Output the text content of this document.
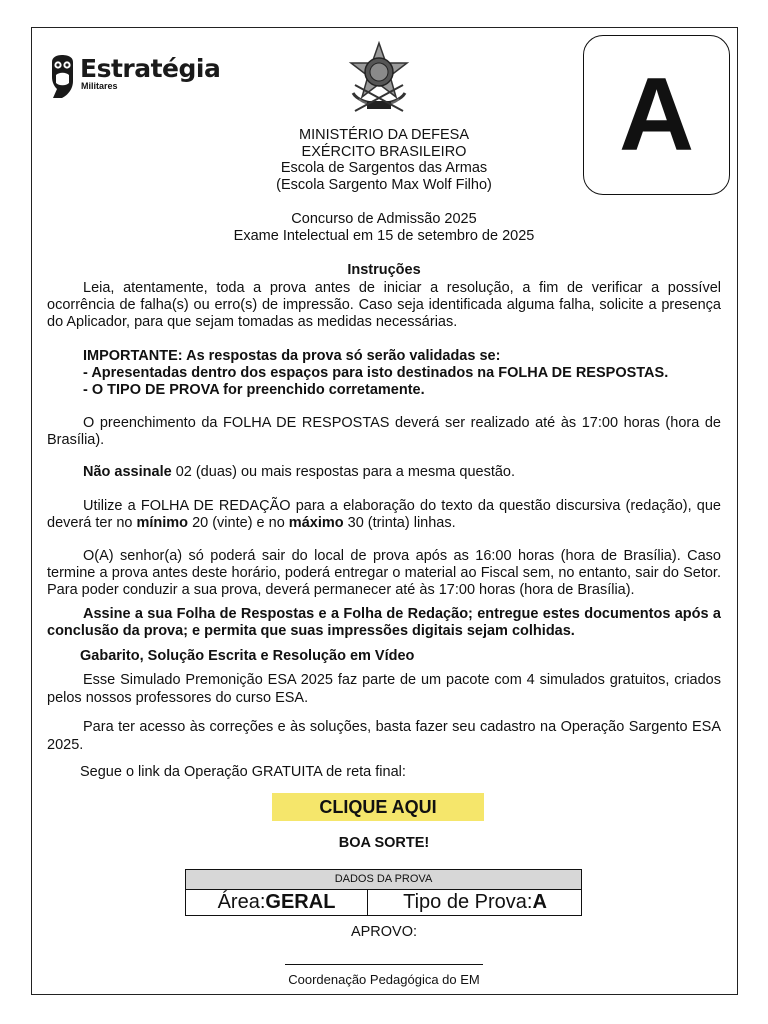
Estratégia
Militares	A
MINISTÉRIO DA DEFESA
EXÉRCITO BRASILEIRO
Escola de Sargentos das Armas
(Escola Sargento Max Wolf Filho)
Concurso de Admissão 2025
Exame Intelectual em 15 de setembro de 2025
Instruções

Leia, atentamente, toda a prova antes de iniciar a resolução, a fim de verificar a possível ocorrência de falha(s) ou erro(s) de impressão. Caso seja identificada alguma falha, solicite a presença do Aplicador, para que sejam tomadas as medidas necessárias.

IMPORTANTE: As respostas da prova só serão validadas se:
- Apresentadas dentro dos espaços para isto destinados na FOLHA DE RESPOSTAS.
- O TIPO DE PROVA for preenchido corretamente.

O preenchimento da FOLHA DE RESPOSTAS deverá ser realizado até às 17:00 horas (hora de Brasília).

Não assinale 02 (duas) ou mais respostas para a mesma questão.

Utilize a FOLHA DE REDAÇÃO para a elaboração do texto da questão discursiva (redação), que deverá ter no mínimo 20 (vinte) e no máximo 30 (trinta) linhas.

O(A) senhor(a) só poderá sair do local de prova após as 16:00 horas (hora de Brasília). Caso termine a prova antes deste horário, poderá entregar o material ao Fiscal sem, no entanto, sair do Setor. Para poder conduzir a sua prova, deverá permanecer até às 17:00 horas (hora de Brasília).

Assine a sua Folha de Respostas e a Folha de Redação; entregue estes documentos após a conclusão da prova; e permita que suas impressões digitais sejam colhidas.

Gabarito, Solução Escrita e Resolução em Vídeo

Esse Simulado Premonição ESA 2025 faz parte de um pacote com 4 simulados gratuitos, criados pelos nossos professores do curso ESA.

Para ter acesso às correções e às soluções, basta fazer seu cadastro na Operação Sargento ESA 2025.

Segue o link da Operação GRATUITA de reta final:

CLIQUE AQUI
BOA SORTE!
DADOS DA PROVA
Área: GERAL	Tipo de Prova: A
APROVO:
Coordenação Pedagógica do EM
